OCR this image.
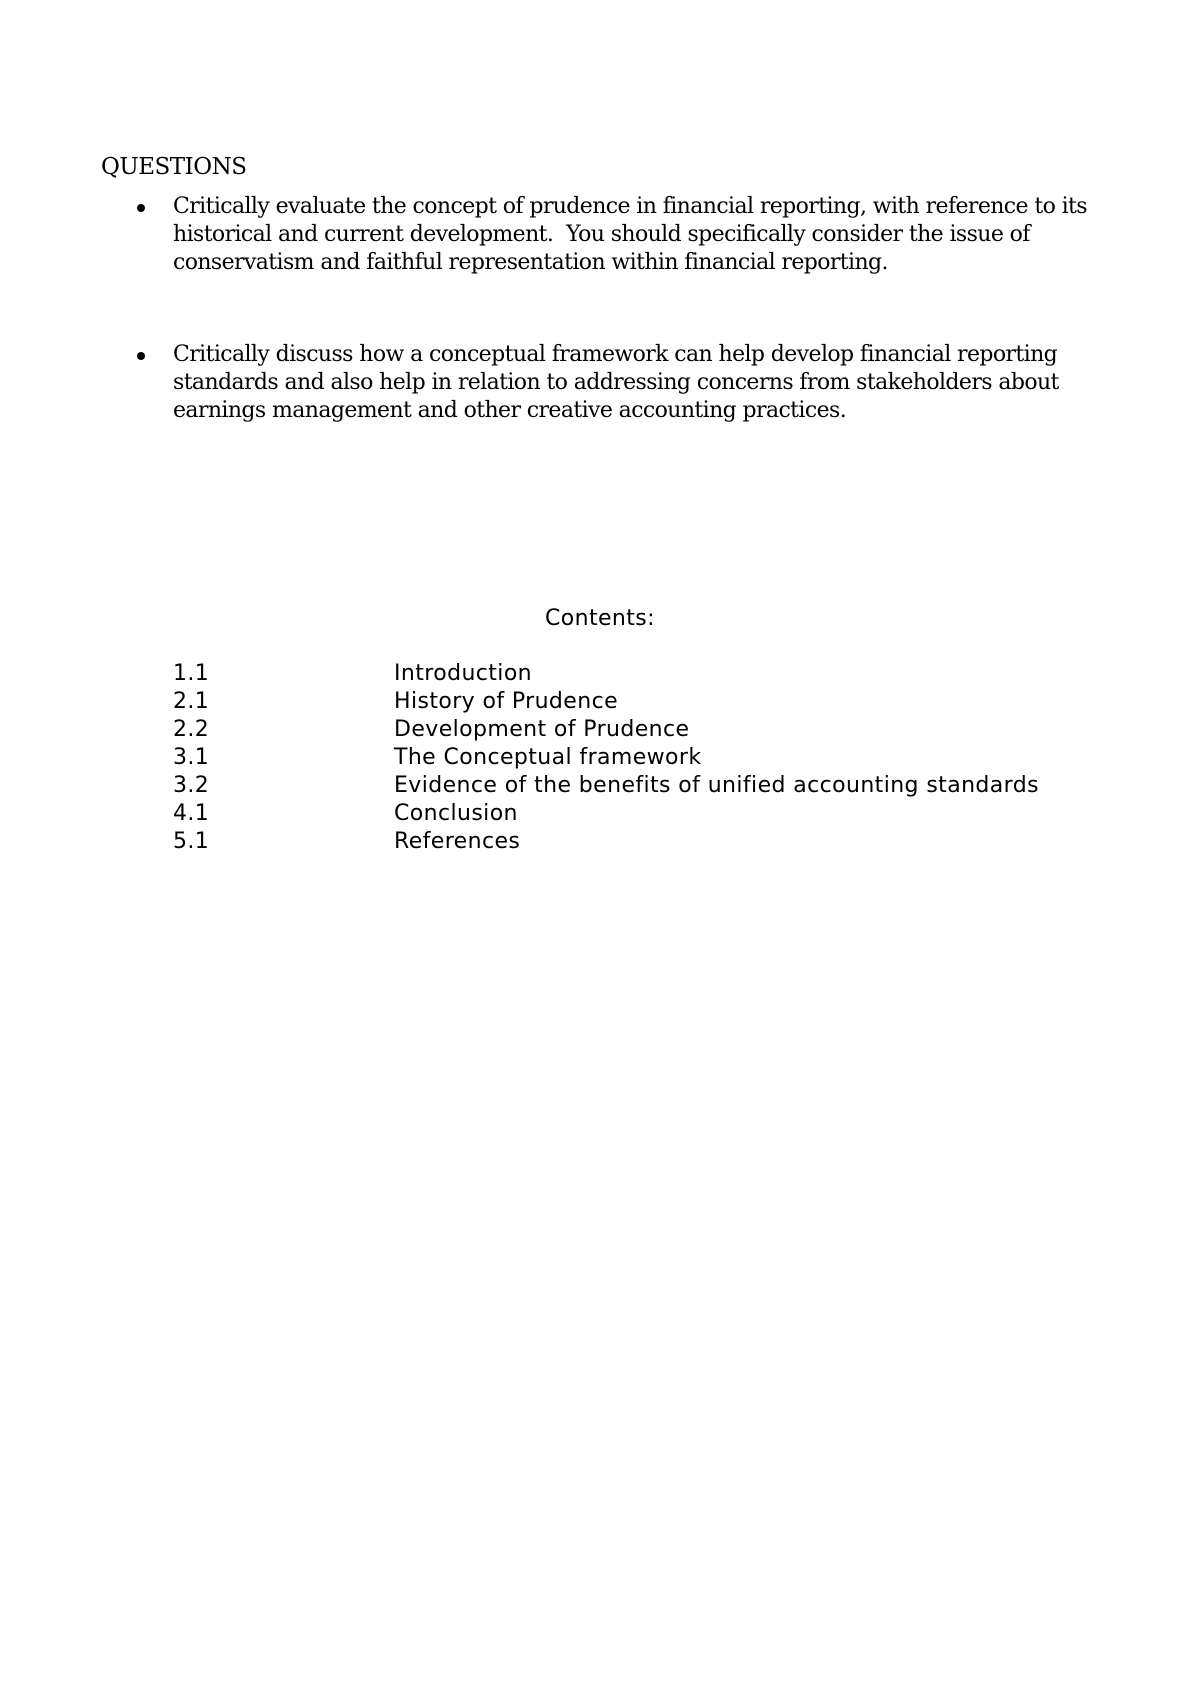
QUESTIONS
Critically evaluate the concept of prudence in financial reporting, with reference to its
historical and current development.  You should specifically consider the issue of
conservatism and faithful representation within financial reporting.
Critically discuss how a conceptual framework can help develop financial reporting
standards and also help in relation to addressing concerns from stakeholders about
earnings management and other creative accounting practices.
Contents:
1.1	Introduction
2.1	History of Prudence
2.2	Development of Prudence
3.1	The Conceptual framework
3.2	Evidence of the benefits of unified accounting standards
4.1	Conclusion
5.1	References
